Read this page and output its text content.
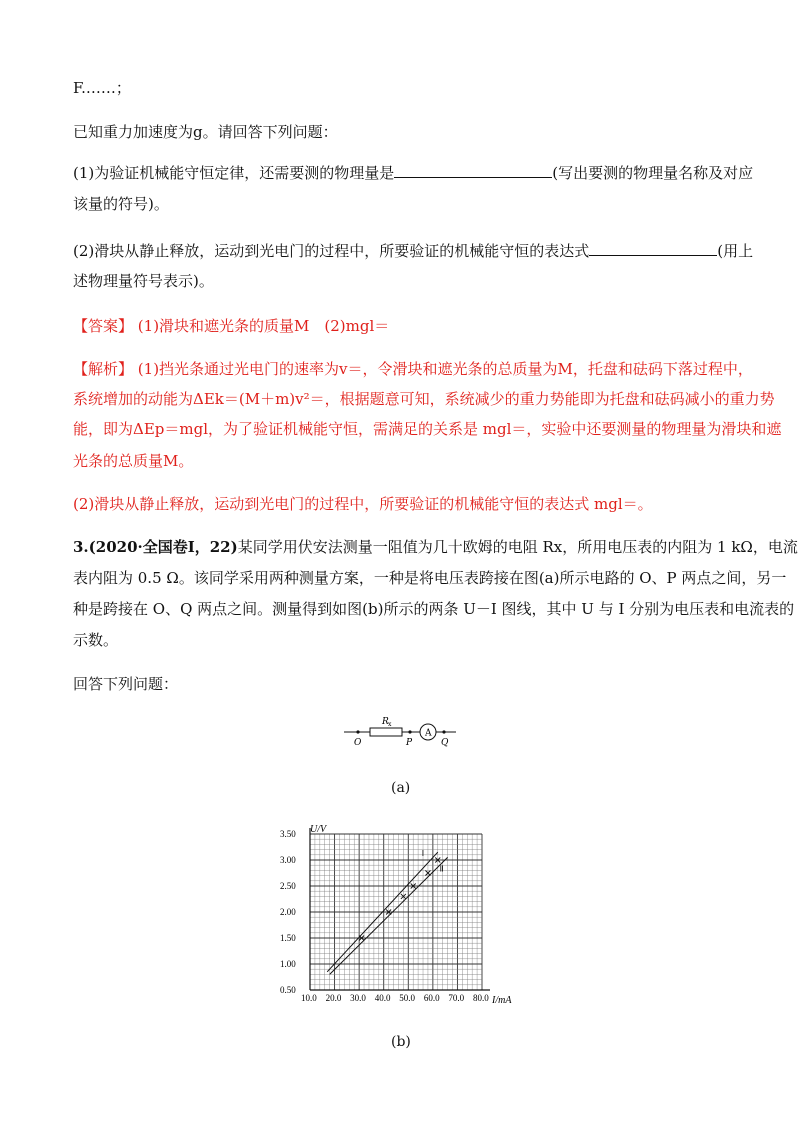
F.……；
已知重力加速度为g。请回答下列问题：
(1)为验证机械能守恒定律，还需要测的物理量是	(写出要测的物理量名称及对应
该量的符号)。
(2)滑块从静止释放，运动到光电门的过程中，所要验证的机械能守恒的表达式	(用上
述物理量符号表示)。
【答案】 (1)滑块和遮光条的质量M　(2)mgl＝
【解析】 (1)挡光条通过光电门的速率为v＝，令滑块和遮光条的总质量为M，托盘和砝码下落过程中，
系统增加的动能为ΔEk＝(M＋m)v²＝，根据题意可知，系统减少的重力势能即为托盘和砝码减小的重力势
能，即为ΔEp＝mgl，为了验证机械能守恒，需满足的关系是 mgl＝，实验中还要测量的物理量为滑块和遮
光条的总质量M。
(2)滑块从静止释放，运动到光电门的过程中，所要验证的机械能守恒的表达式 mgl＝。
3.(2020·全国卷Ⅰ，22)某同学用伏安法测量一阻值为几十欧姆的电阻 Rx，所用电压表的内阻为 1 kΩ，电流
表内阻为 0.5 Ω。该同学采用两种测量方案，一种是将电压表跨接在图(a)所示电路的 O、P 两点之间，另一
种是跨接在 O、Q 两点之间。测量得到如图(b)所示的两条 U－I 图线，其中 U 与 I 分别为电压表和电流表的
示数。
回答下列问题：
R x
A
O	P	Q
(a)
Ⅰ
Ⅱ
10.0 20.0 30.0 40.0 50.0 60.0 70.0 80.0
0.50
1.00
1.50
2.00
2.50
3.00
3.50 U/V
I/mA
(b)
